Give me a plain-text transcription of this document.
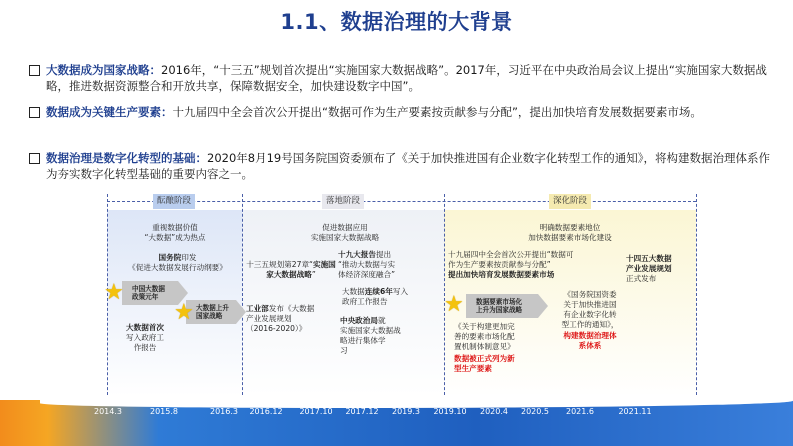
1.1、数据治理的大背景
大数据成为国家战略：2016年，“十三五”规划首次提出“实施国家大数据战略”。2017年，习近平在中央政治局会议上提出“实施国家大数据战略，推进数据资源整合和开放共享，保障数据安全，加快建设数字中国”。
数据成为关键生产要素：十九届四中全会首次公开提出“数据可作为生产要素按贡献参与分配”，提出加快培育发展数据要素市场。
数据治理是数字化转型的基础：2020年8月19号国务院国资委颁布了《关于加快推进国有企业数字化转型工作的通知》，将构建数据治理体系作为夯实数字化转型基础的重要内容之一。
酝酿阶段	落地阶段	深化阶段
重视数据价值
“大数据”成为热点
国务院印发
《促进大数据发展行动纲要》
中国大数据
政策元年
★
大数据上升
国家战略
★
大数据首次
写入政府工
作报告
促进数据应用
实施国家大数据战略
十三五规划第27章“实施国家大数据战略”
十九大报告提出
“推动大数据与实
体经济深度融合”
大数据连续6年写入
政府工作报告
工业部发布《大数据
产业发展规划
（2016-2020）》
中央政治局就
实施国家大数据战
略进行集体学
习
明确数据要素地位
加快数据要素市场化建设
十九届四中全会首次公开提出“数据可
作为生产要素按贡献参与分配”
提出加快培育发展数据要素市场
数据要素市场化
上升为国家战略
★
《关于构建更加完
善的要素市场化配
置机制体制意见》
数据被正式列为新
型生产要素
《国务院国资委
关于加快推进国
有企业数字化转
型工作的通知》，
构建数据治理体
系体系
十四五大数据
产业发展规划
正式发布
2014.3	2015.8	2016.3 2016.12 2017.10 2017.12 2019.3 2019.10 2020.4 2020.5 2021.6	2021.11
